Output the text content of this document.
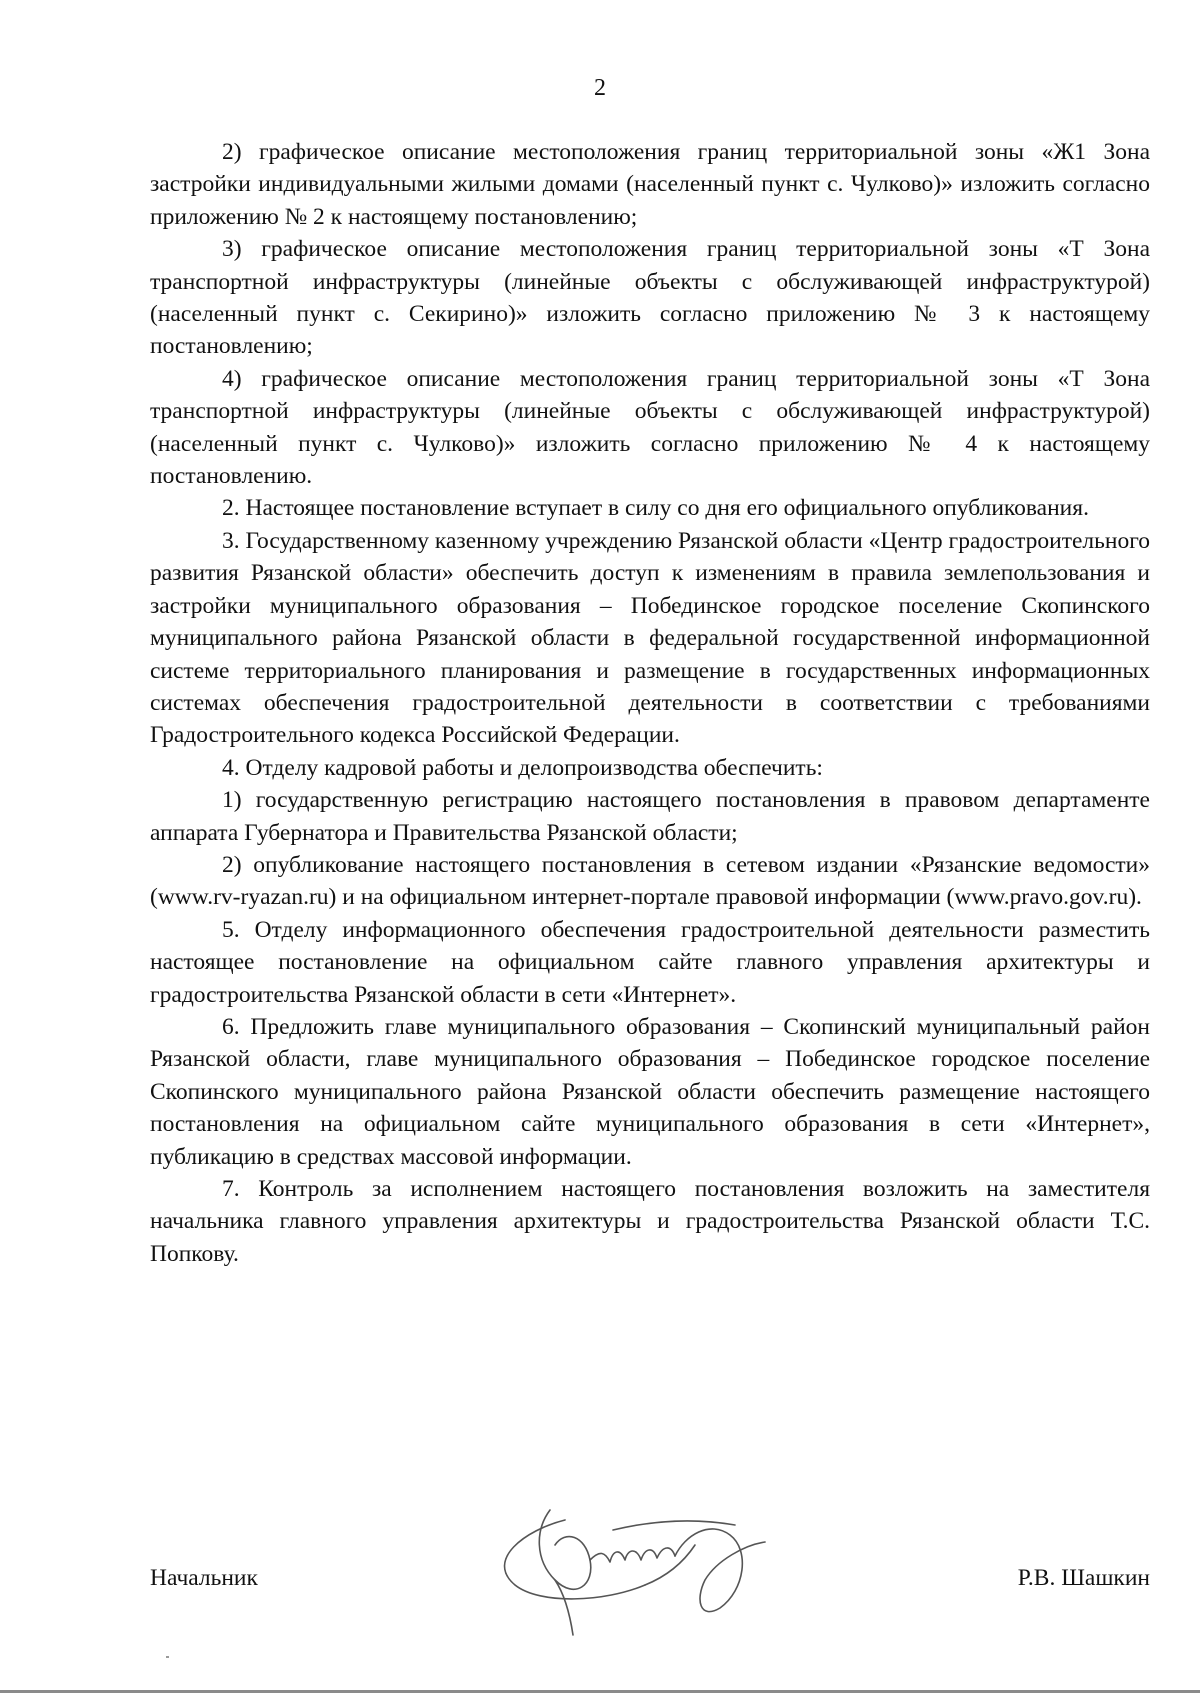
2

2) графическое описание местоположения границ территориальной зоны «Ж1 Зона застройки индивидуальными жилыми домами (населенный пункт с. Чулково)» изложить согласно приложению № 2 к настоящему постановлению;

3) графическое описание местоположения границ территориальной зоны «Т Зона транспортной инфраструктуры (линейные объекты с обслуживающей инфраструктурой) (населенный пункт с. Секирино)» изложить согласно приложению № 3 к настоящему постановлению;

4) графическое описание местоположения границ территориальной зоны «Т Зона транспортной инфраструктуры (линейные объекты с обслуживающей инфраструктурой) (населенный пункт с. Чулково)» изложить согласно приложению № 4 к настоящему постановлению.

2. Настоящее постановление вступает в силу со дня его официального опубликования.

3. Государственному казенному учреждению Рязанской области «Центр градостроительного развития Рязанской области» обеспечить доступ к изменениям в правила землепользования и застройки муниципального образования – Побединское городское поселение Скопинского муниципального района Рязанской области в федеральной государственной информационной системе территориального планирования и размещение в государственных информационных системах обеспечения градостроительной деятельности в соответствии с требованиями Градостроительного кодекса Российской Федерации.

4. Отделу кадровой работы и делопроизводства обеспечить:

1) государственную регистрацию настоящего постановления в правовом департаменте аппарата Губернатора и Правительства Рязанской области;

2) опубликование настоящего постановления в сетевом издании «Рязанские ведомости» (www.rv-ryazan.ru) и на официальном интернет-портале правовой информации (www.pravo.gov.ru).

5. Отделу информационного обеспечения градостроительной деятельности разместить настоящее постановление на официальном сайте главного управления архитектуры и градостроительства Рязанской области в сети «Интернет».

6. Предложить главе муниципального образования – Скопинский муниципальный район Рязанской области, главе муниципального образования – Побединское городское поселение Скопинского муниципального района Рязанской области обеспечить размещение настоящего постановления на официальном сайте муниципального образования в сети «Интернет», публикацию в средствах массовой информации.

7. Контроль за исполнением настоящего постановления возложить на заместителя начальника главного управления архитектуры и градостроительства Рязанской области Т.С. Попкову.

Начальник	Р.В. Шашкин
